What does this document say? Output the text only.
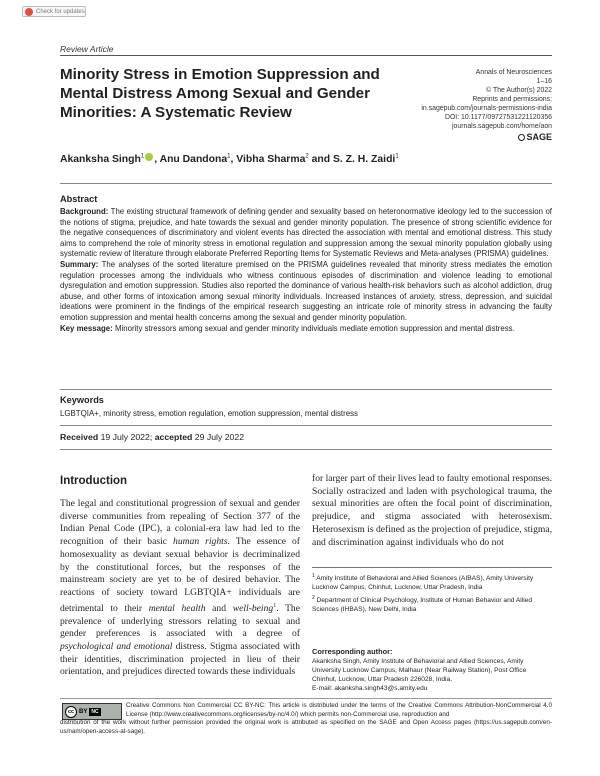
Check for updates
Review Article
Minority Stress in Emotion Suppression and Mental Distress Among Sexual and Gender Minorities: A Systematic Review
Annals of Neurosciences
1–16
© The Author(s) 2022
Reprints and permissions:
in.sagepub.com/journals-permissions-india
DOI: 10.1177/09727531221120356
journals.sagepub.com/home/aon
SAGE
Akanksha Singh$^1$ , Anu Dandona$^1$, Vibha Sharma$^2$ and S. Z. H. Zaidi$^1$
Abstract

Background: The existing structural framework of defining gender and sexuality based on heteronormative ideology led to the succession of the notions of stigma, prejudice, and hate towards the sexual and gender minority population. The presence of strong scientific evidence for the negative consequences of discriminatory and violent events has directed the association with mental and emotional distress. This study aims to comprehend the role of minority stress in emotional regulation and suppression among the sexual minority population globally using systematic review of literature through elaborate Preferred Reporting Items for Systematic Reviews and Meta-analyses (PRISMA) guidelines.

Summary: The analyses of the sorted literature premised on the PRISMA guidelines revealed that minority stress mediates the emotion regulation processes among the individuals who witness continuous episodes of discrimination and violence leading to emotional dysregulation and emotion suppression. Studies also reported the dominance of various health-risk behaviors such as alcohol addiction, drug abuse, and other forms of intoxication among sexual minority individuals. Increased instances of anxiety, stress, depression, and suicidal ideations were prominent in the findings of the empirical research suggesting an intricate role of minority stress in advancing the faulty emotion suppression and mental health concerns among the sexual and gender minority population.

Key message: Minority stressors among sexual and gender minority individuals mediate emotion suppression and mental distress.

Keywords
LGBTQIA+, minority stress, emotion regulation, emotion suppression, mental distress
Received 19 July 2022; accepted 29 July 2022
Introduction

The legal and constitutional progression of sexual and gender diverse communities from repealing of Section 377 of the Indian Penal Code (IPC), a colonial-era law had led to the recognition of their basic human rights. The essence of homosexuality as deviant sexual behavior is decriminalized by the constitutional forces, but the responses of the mainstream society are yet to be of desired behavior. The reactions of society toward LGBTQIA+ individuals are detrimental to their mental health and well-being$^1$. The prevalence of underlying stressors relating to sexual and gender preferences is associated with a degree of psychological and emotional distress. Stigma associated with their identities, discrimination projected in lieu of their orientation, and prejudices directed towards these individuals

for larger part of their lives lead to faulty emotional responses. Socially ostracized and laden with psychological trauma, the sexual minorities are often the focal point of discrimination, prejudice, and stigma associated with heterosexism. Heterosexism is defined as the projection of prejudice, stigma, and discrimination against individuals who do not

$^1$ Amity Institute of Behavioral and Allied Sciences (AIBAS), Amity University Lucknow Campus, Chinhut, Lucknow, Uttar Pradesh, India

$^2$ Department of Clinical Psychology, Institute of Human Behavior and Allied Sciences (IHBAS), New Delhi, India

Corresponding author:
Akanksha Singh, Amity Institute of Behavioral and Allied Sciences, Amity University Lucknow Campus, Malhaur (Near Railway Station), Post Office Chinhut, Lucknow, Uttar Pradesh 226028, India.
E-mail: akanksha.singh43@s.amity.edu
cc BY NC
Creative Commons Non Commercial CC BY-NC: This article is distributed under the terms of the Creative Commons Attribution-NonCommercial 4.0 License (http://www.creativecommons.org/licenses/by-nc/4.0/) which permits non-Commercial use, reproduction and
distribution of the work without further permission provided the original work is attributed as specified on the SAGE and Open Access pages (https://us.sagepub.com/en-us/nam/open-access-at-sage).
